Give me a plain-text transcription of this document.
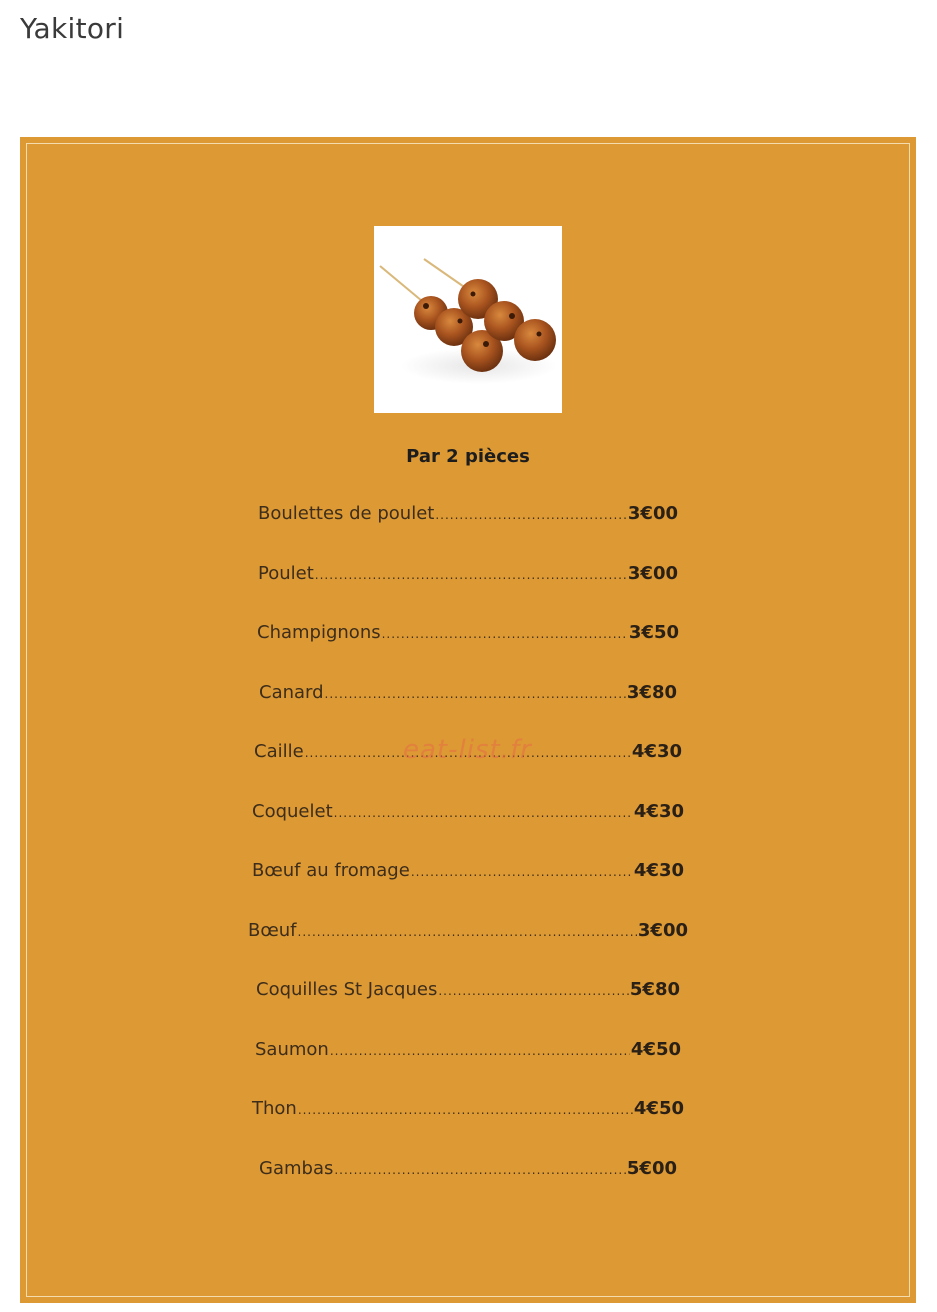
Yakitori
Par 2 pièces
Boulettes de poulet .....	3€00
Poulet .....	3€00
Champignons .....	3€50
Canard .....	3€80
Caille .....	4€30
Coquelet .....	4€30
Bœuf au fromage .....	4€30
Bœuf .....	3€00
Coquilles St Jacques .....	5€80
Saumon .....	4€50
Thon .....	4€50
Gambas .....	5€00
eat-list.fr
